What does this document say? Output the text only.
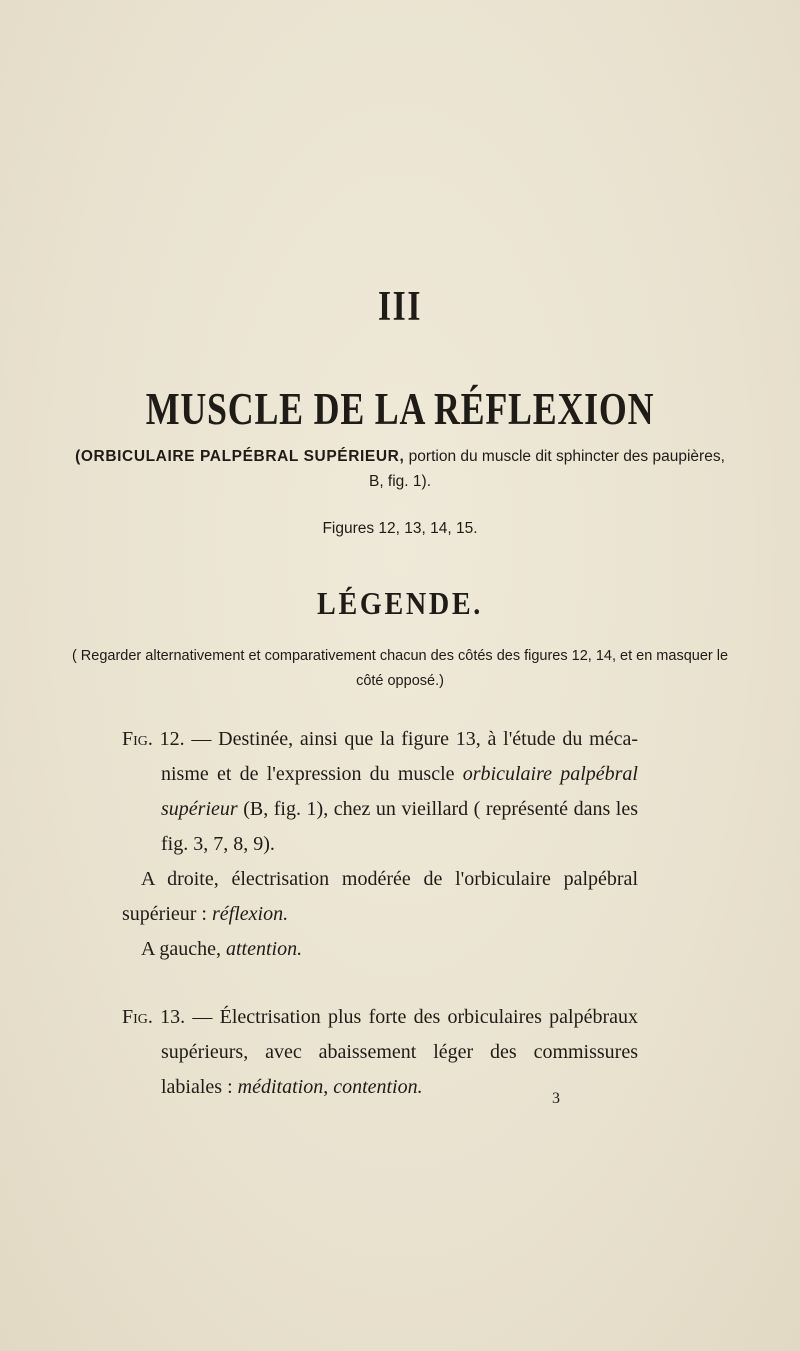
III
MUSCLE DE LA RÉFLEXION
(ORBICULAIRE PALPÉBRAL SUPÉRIEUR, portion du muscle dit sphincter des paupières, B, fig. 1).
Figures 12, 13, 14, 15.
LÉGENDE.
( Regarder alternativement et comparativement chacun des côtés des figures 12, 14, et en masquer le côté opposé.)

Fig. 12. — Destinée, ainsi que la figure 13, à l'étude du mécanisme et de l'expression du muscle orbiculaire palpébral supérieur (B, fig. 1), chez un vieillard ( représenté dans les fig. 3, 7, 8, 9).

A droite, électrisation modérée de l'orbiculaire palpébral supérieur : réflexion.

A gauche, attention.

Fig. 13. — Électrisation plus forte des orbiculaires palpébraux supérieurs, avec abaissement léger des commissures labiales : méditation, contention.

3
